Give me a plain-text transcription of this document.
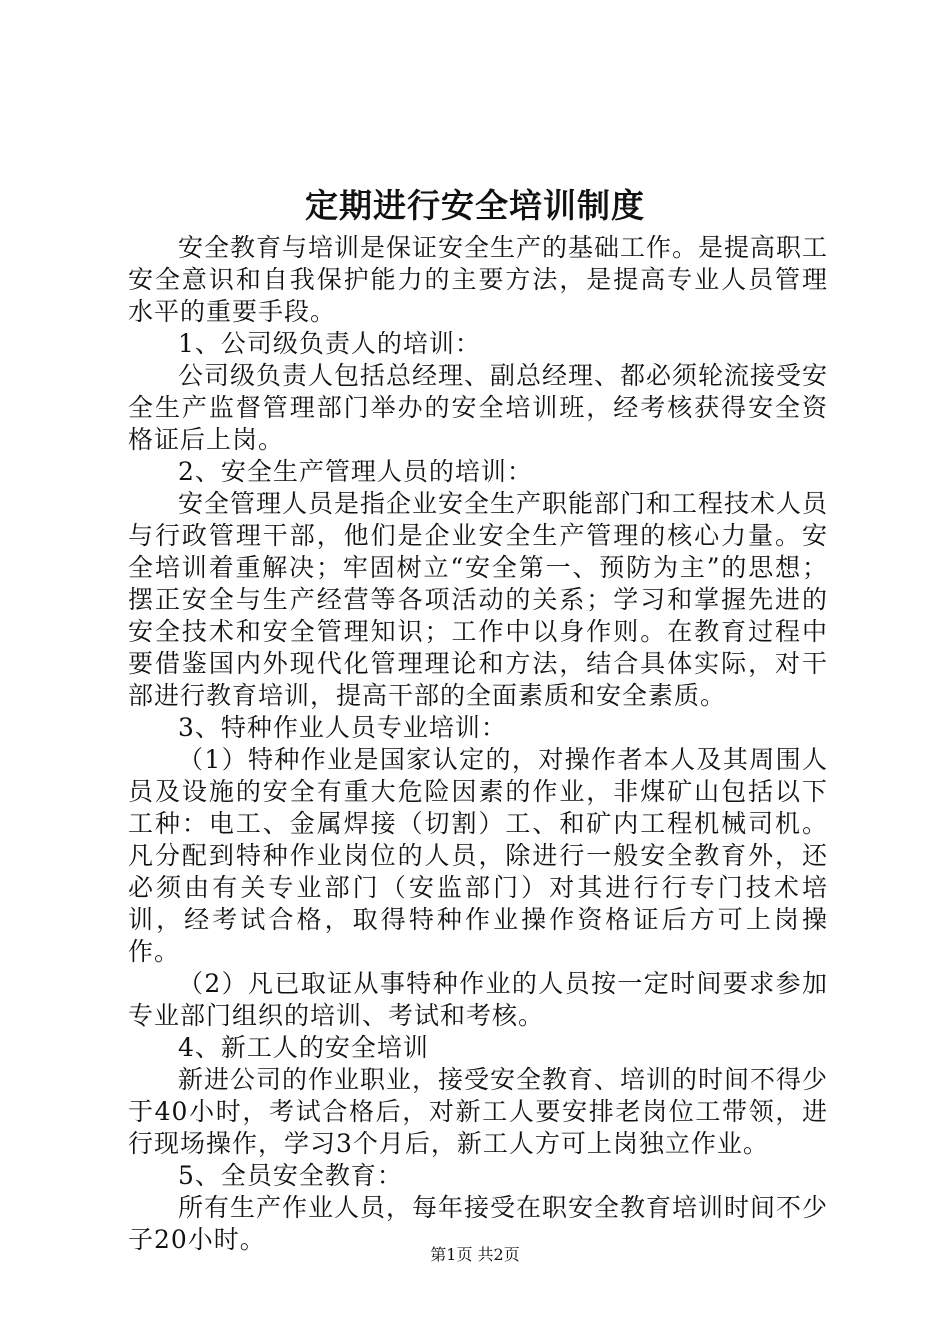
定期进行安全培训制度

安全教育与培训是保证安全生产的基础工作。是提高职工安全意识和自我保护能力的主要方法，是提高专业人员管理水平的重要手段。

1、公司级负责人的培训：

公司级负责人包括总经理、副总经理、都必须轮流接受安全生产监督管理部门举办的安全培训班，经考核获得安全资格证后上岗。

2、安全生产管理人员的培训：

安全管理人员是指企业安全生产职能部门和工程技术人员与行政管理干部，他们是企业安全生产管理的核心力量。安全培训着重解决；牢固树立“安全第一、预防为主”的思想；摆正安全与生产经营等各项活动的关系；学习和掌握先进的安全技术和安全管理知识；工作中以身作则。在教育过程中要借鉴国内外现代化管理理论和方法，结合具体实际，对干部进行教育培训，提高干部的全面素质和安全素质。

3、特种作业人员专业培训：

（1）特种作业是国家认定的，对操作者本人及其周围人员及设施的安全有重大危险因素的作业，非煤矿山包括以下工种：电工、金属焊接（切割）工、和矿内工程机械司机。凡分配到特种作业岗位的人员，除进行一般安全教育外，还必须由有关专业部门（安监部门）对其进行行专门技术培训，经考试合格，取得特种作业操作资格证后方可上岗操作。

（2）凡已取证从事特种作业的人员按一定时间要求参加专业部门组织的培训、考试和考核。

4、新工人的安全培训

新进公司的作业职业，接受安全教育、培训的时间不得少于40小时，考试合格后，对新工人要安排老岗位工带领，进行现场操作，学习3个月后，新工人方可上岗独立作业。

5、全员安全教育：

所有生产作业人员，每年接受在职安全教育培训时间不少子20小时。

第1页 共2页
